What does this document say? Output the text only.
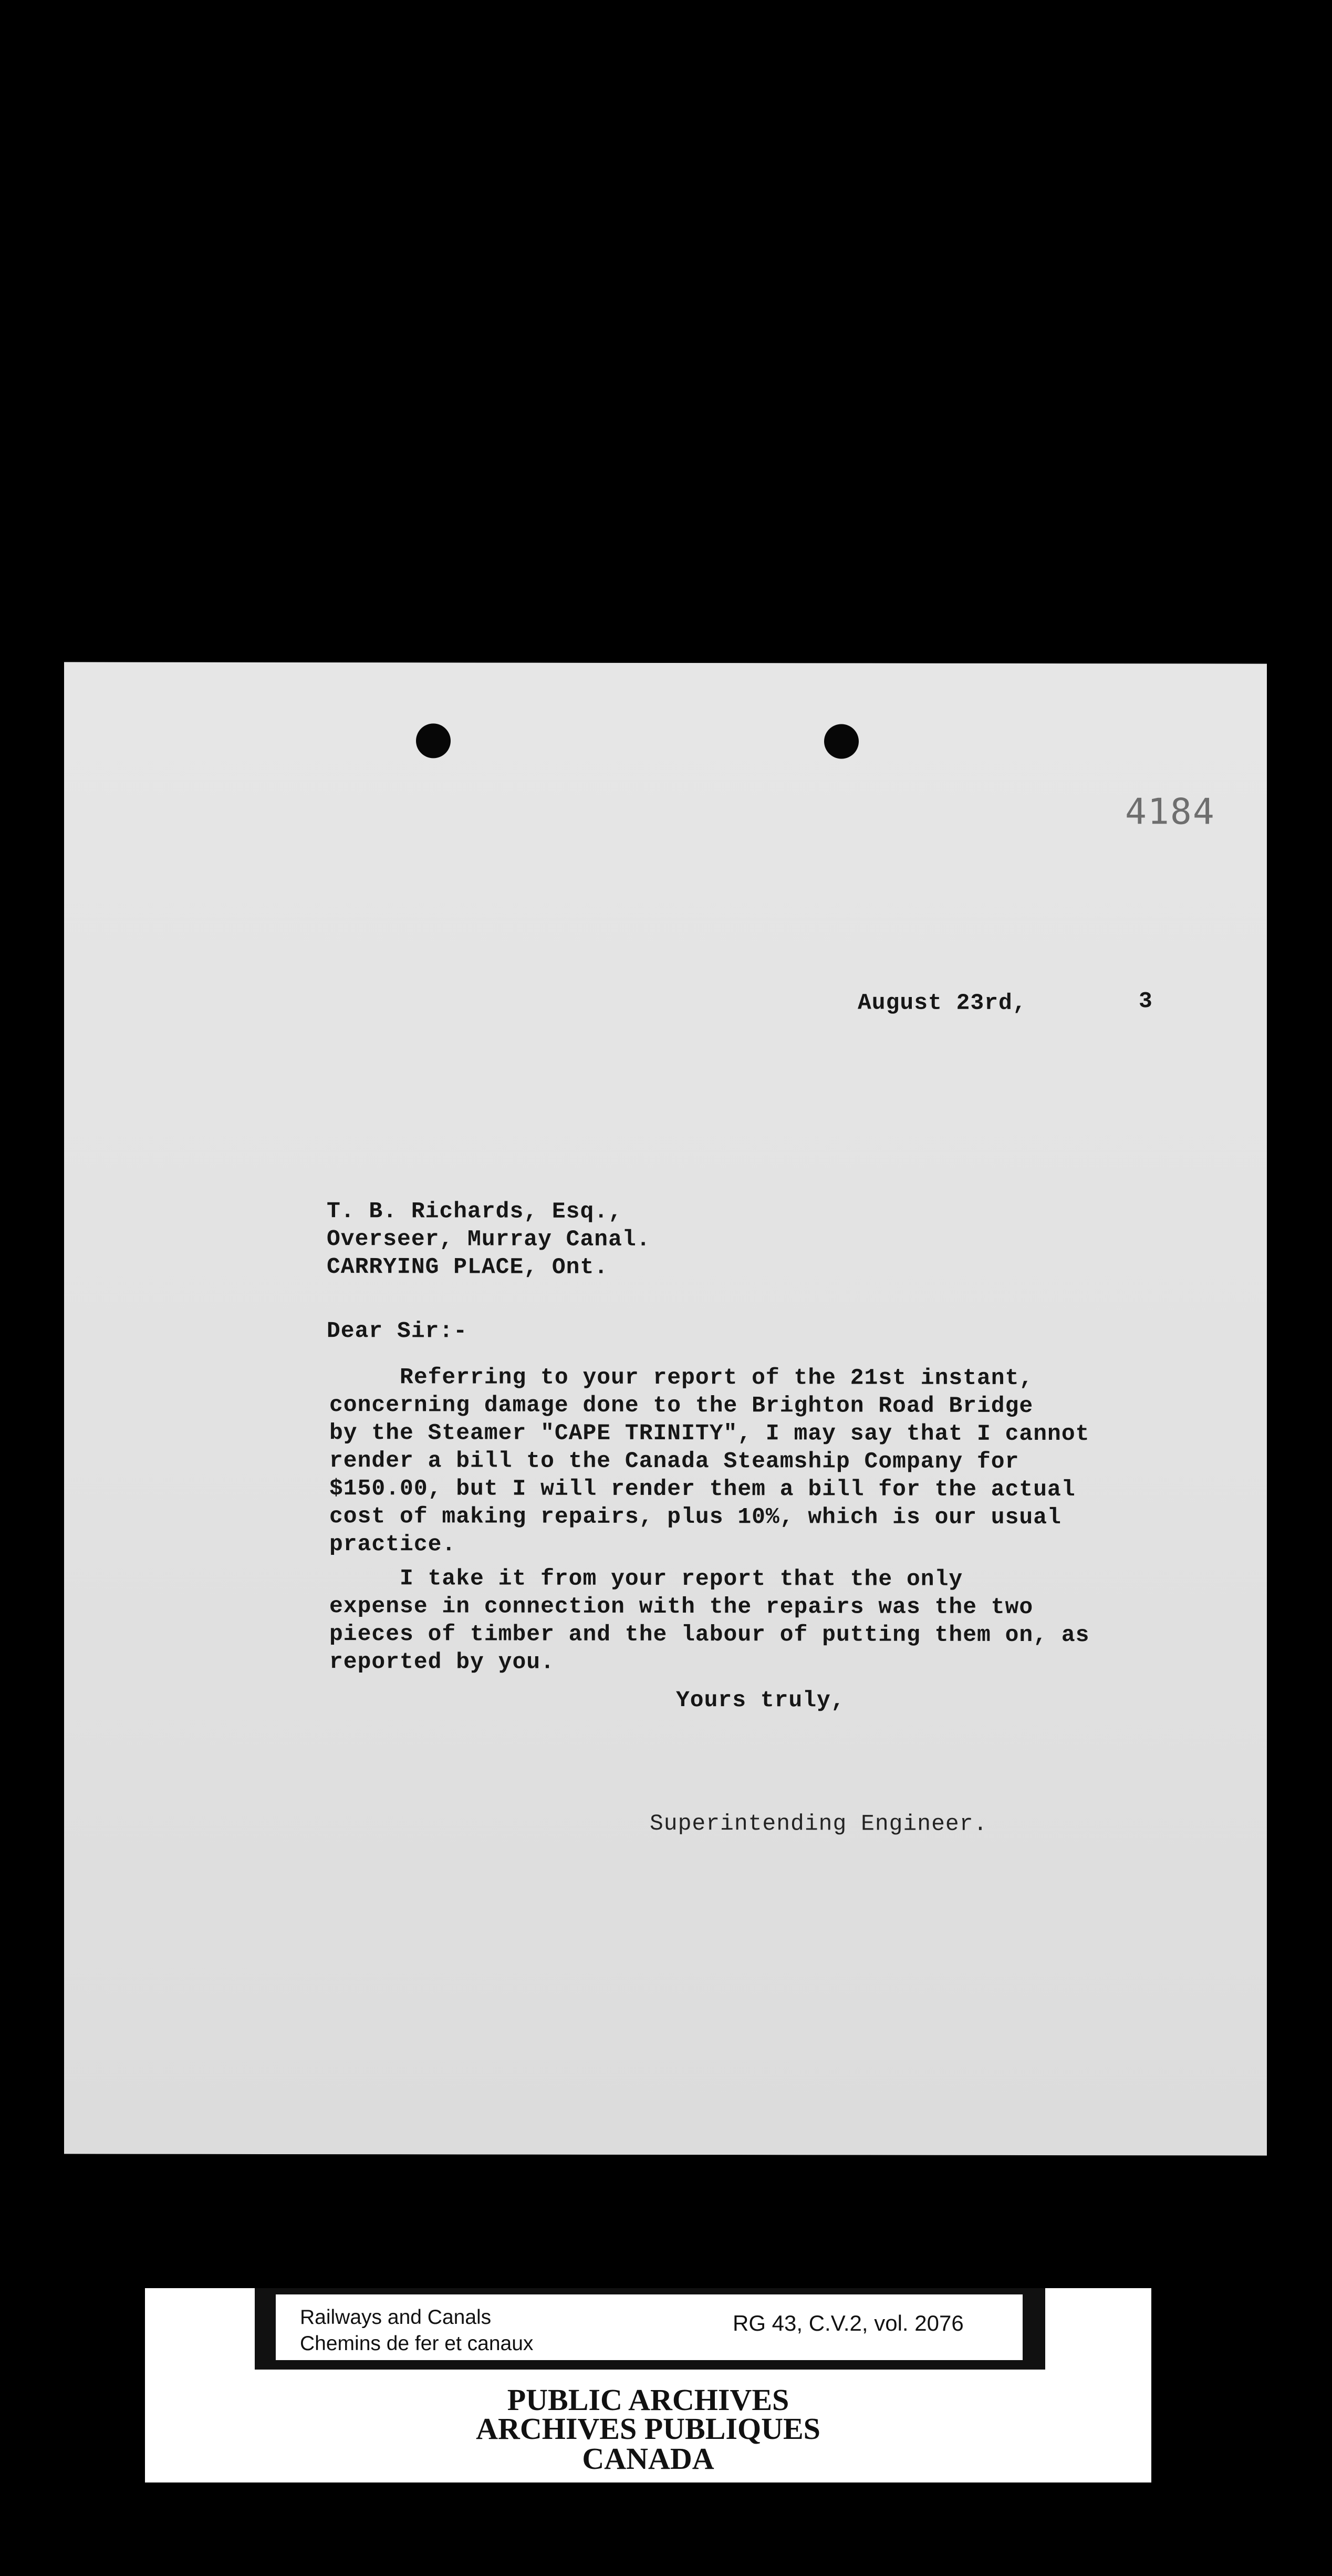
4184
August 23rd,	3
T. B. Richards, Esq.,
Overseer, Murray Canal.
CARRYING PLACE, Ont.
Dear Sir:-
Referring to your report of the 21st instant,
concerning damage done to the Brighton Road Bridge
by the Steamer "CAPE TRINITY", I may say that I cannot
render a bill to the Canada Steamship Company for
$150.00, but I will render them a bill for the actual
cost of making repairs, plus 10%, which is our usual
practice.
I take it from your report that the only
expense in connection with the repairs was the two
pieces of timber and the labour of putting them on, as
reported by you.
Yours truly,
Superintending Engineer.
Railways and Canals
Chemins de fer et canaux
RG 43, C.V.2, vol. 2076
PUBLIC ARCHIVES
ARCHIVES PUBLIQUES
CANADA
